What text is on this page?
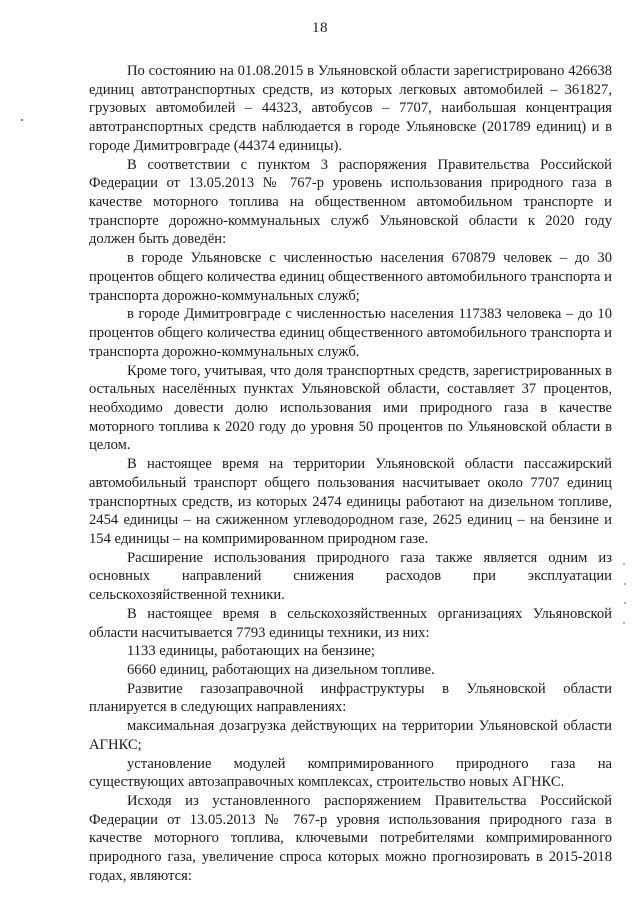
18

По состоянию на 01.08.2015 в Ульяновской области зарегистрировано 426638 единиц автотранспортных средств, из которых легковых автомобилей – 361827, грузовых автомобилей – 44323, автобусов – 7707, наибольшая концентрация автотранспортных средств наблюдается в городе Ульяновске (201789 единиц) и в городе Димитровграде (44374 единицы).

В соответствии с пунктом 3 распоряжения Правительства Российской Федерации от 13.05.2013 № 767-р уровень использования природного газа в качестве моторного топлива на общественном автомобильном транспорте и транспорте дорожно-коммунальных служб Ульяновской области к 2020 году должен быть доведён:

в городе Ульяновске с численностью населения 670879 человек – до 30 процентов общего количества единиц общественного автомобильного транспорта и транспорта дорожно-коммунальных служб;

в городе Димитровграде с численностью населения 117383 человека – до 10 процентов общего количества единиц общественного автомобильного транспорта и транспорта дорожно-коммунальных служб.

Кроме того, учитывая, что доля транспортных средств, зарегистрированных в остальных населённых пунктах Ульяновской области, составляет 37 процентов, необходимо довести долю использования ими природного газа в качестве моторного топлива к 2020 году до уровня 50 процентов по Ульяновской области в целом.

В настоящее время на территории Ульяновской области пассажирский автомобильный транспорт общего пользования насчитывает около 7707 единиц транспортных средств, из которых 2474 единицы работают на дизельном топливе, 2454 единицы – на сжиженном углеводородном газе, 2625 единиц – на бензине и 154 единицы – на компримированном природном газе.

Расширение использования природного газа также является одним из основных направлений снижения расходов при эксплуатации сельскохозяйственной техники.

В настоящее время в сельскохозяйственных организациях Ульяновской области насчитывается 7793 единицы техники, из них:

1133 единицы, работающих на бензине;

6660 единиц, работающих на дизельном топливе.

Развитие газозаправочной инфраструктуры в Ульяновской области планируется в следующих направлениях:

максимальная дозагрузка действующих на территории Ульяновской области АГНКС;

установление модулей компримированного природного газа на существующих автозаправочных комплексах, строительство новых АГНКС.

Исходя из установленного распоряжением Правительства Российской Федерации от 13.05.2013 № 767-р уровня использования природного газа в качестве моторного топлива, ключевыми потребителями компримированного природного газа, увеличение спроса которых можно прогнозировать в 2015-2018 годах, являются:
